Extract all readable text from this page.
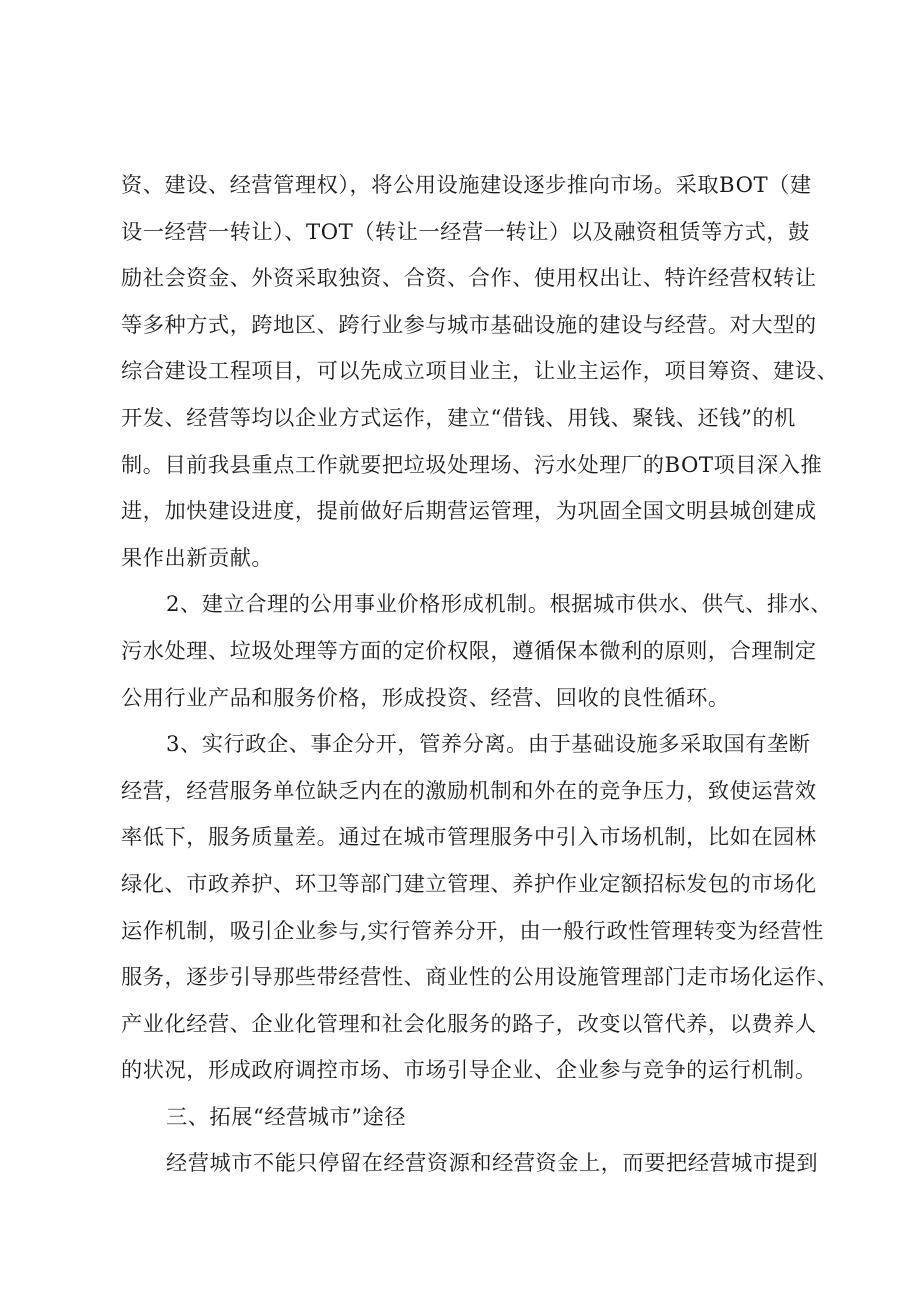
资、建设、经营管理权），将公用设施建设逐步推向市场。采取BOT（建
设一经营一转让）、TOT（转让一经营一转让）以及融资租赁等方式，鼓
励社会资金、外资采取独资、合资、合作、使用权出让、特许经营权转让
等多种方式，跨地区、跨行业参与城市基础设施的建设与经营。对大型的
综合建设工程项目，可以先成立项目业主，让业主运作，项目筹资、建设、
开发、经营等均以企业方式运作，建立“借钱、用钱、聚钱、还钱”的机
制。目前我县重点工作就要把垃圾处理场、污水处理厂的BOT项目深入推
进，加快建设进度，提前做好后期营运管理，为巩固全国文明县城创建成
果作出新贡献。
2、建立合理的公用事业价格形成机制。根据城市供水、供气、排水、
污水处理、垃圾处理等方面的定价权限，遵循保本微利的原则，合理制定
公用行业产品和服务价格，形成投资、经营、回收的良性循环。
3、实行政企、事企分开，管养分离。由于基础设施多采取国有垄断
经营，经营服务单位缺乏内在的激励机制和外在的竞争压力，致使运营效
率低下，服务质量差。通过在城市管理服务中引入市场机制，比如在园林
绿化、市政养护、环卫等部门建立管理、养护作业定额招标发包的市场化
运作机制，吸引企业参与,实行管养分开，由一般行政性管理转变为经营性
服务，逐步引导那些带经营性、商业性的公用设施管理部门走市场化运作、
产业化经营、企业化管理和社会化服务的路子，改变以管代养，以费养人
的状况，形成政府调控市场、市场引导企业、企业参与竞争的运行机制。
三、拓展“经营城市”途径
经营城市不能只停留在经营资源和经营资金上，而要把经营城市提到
